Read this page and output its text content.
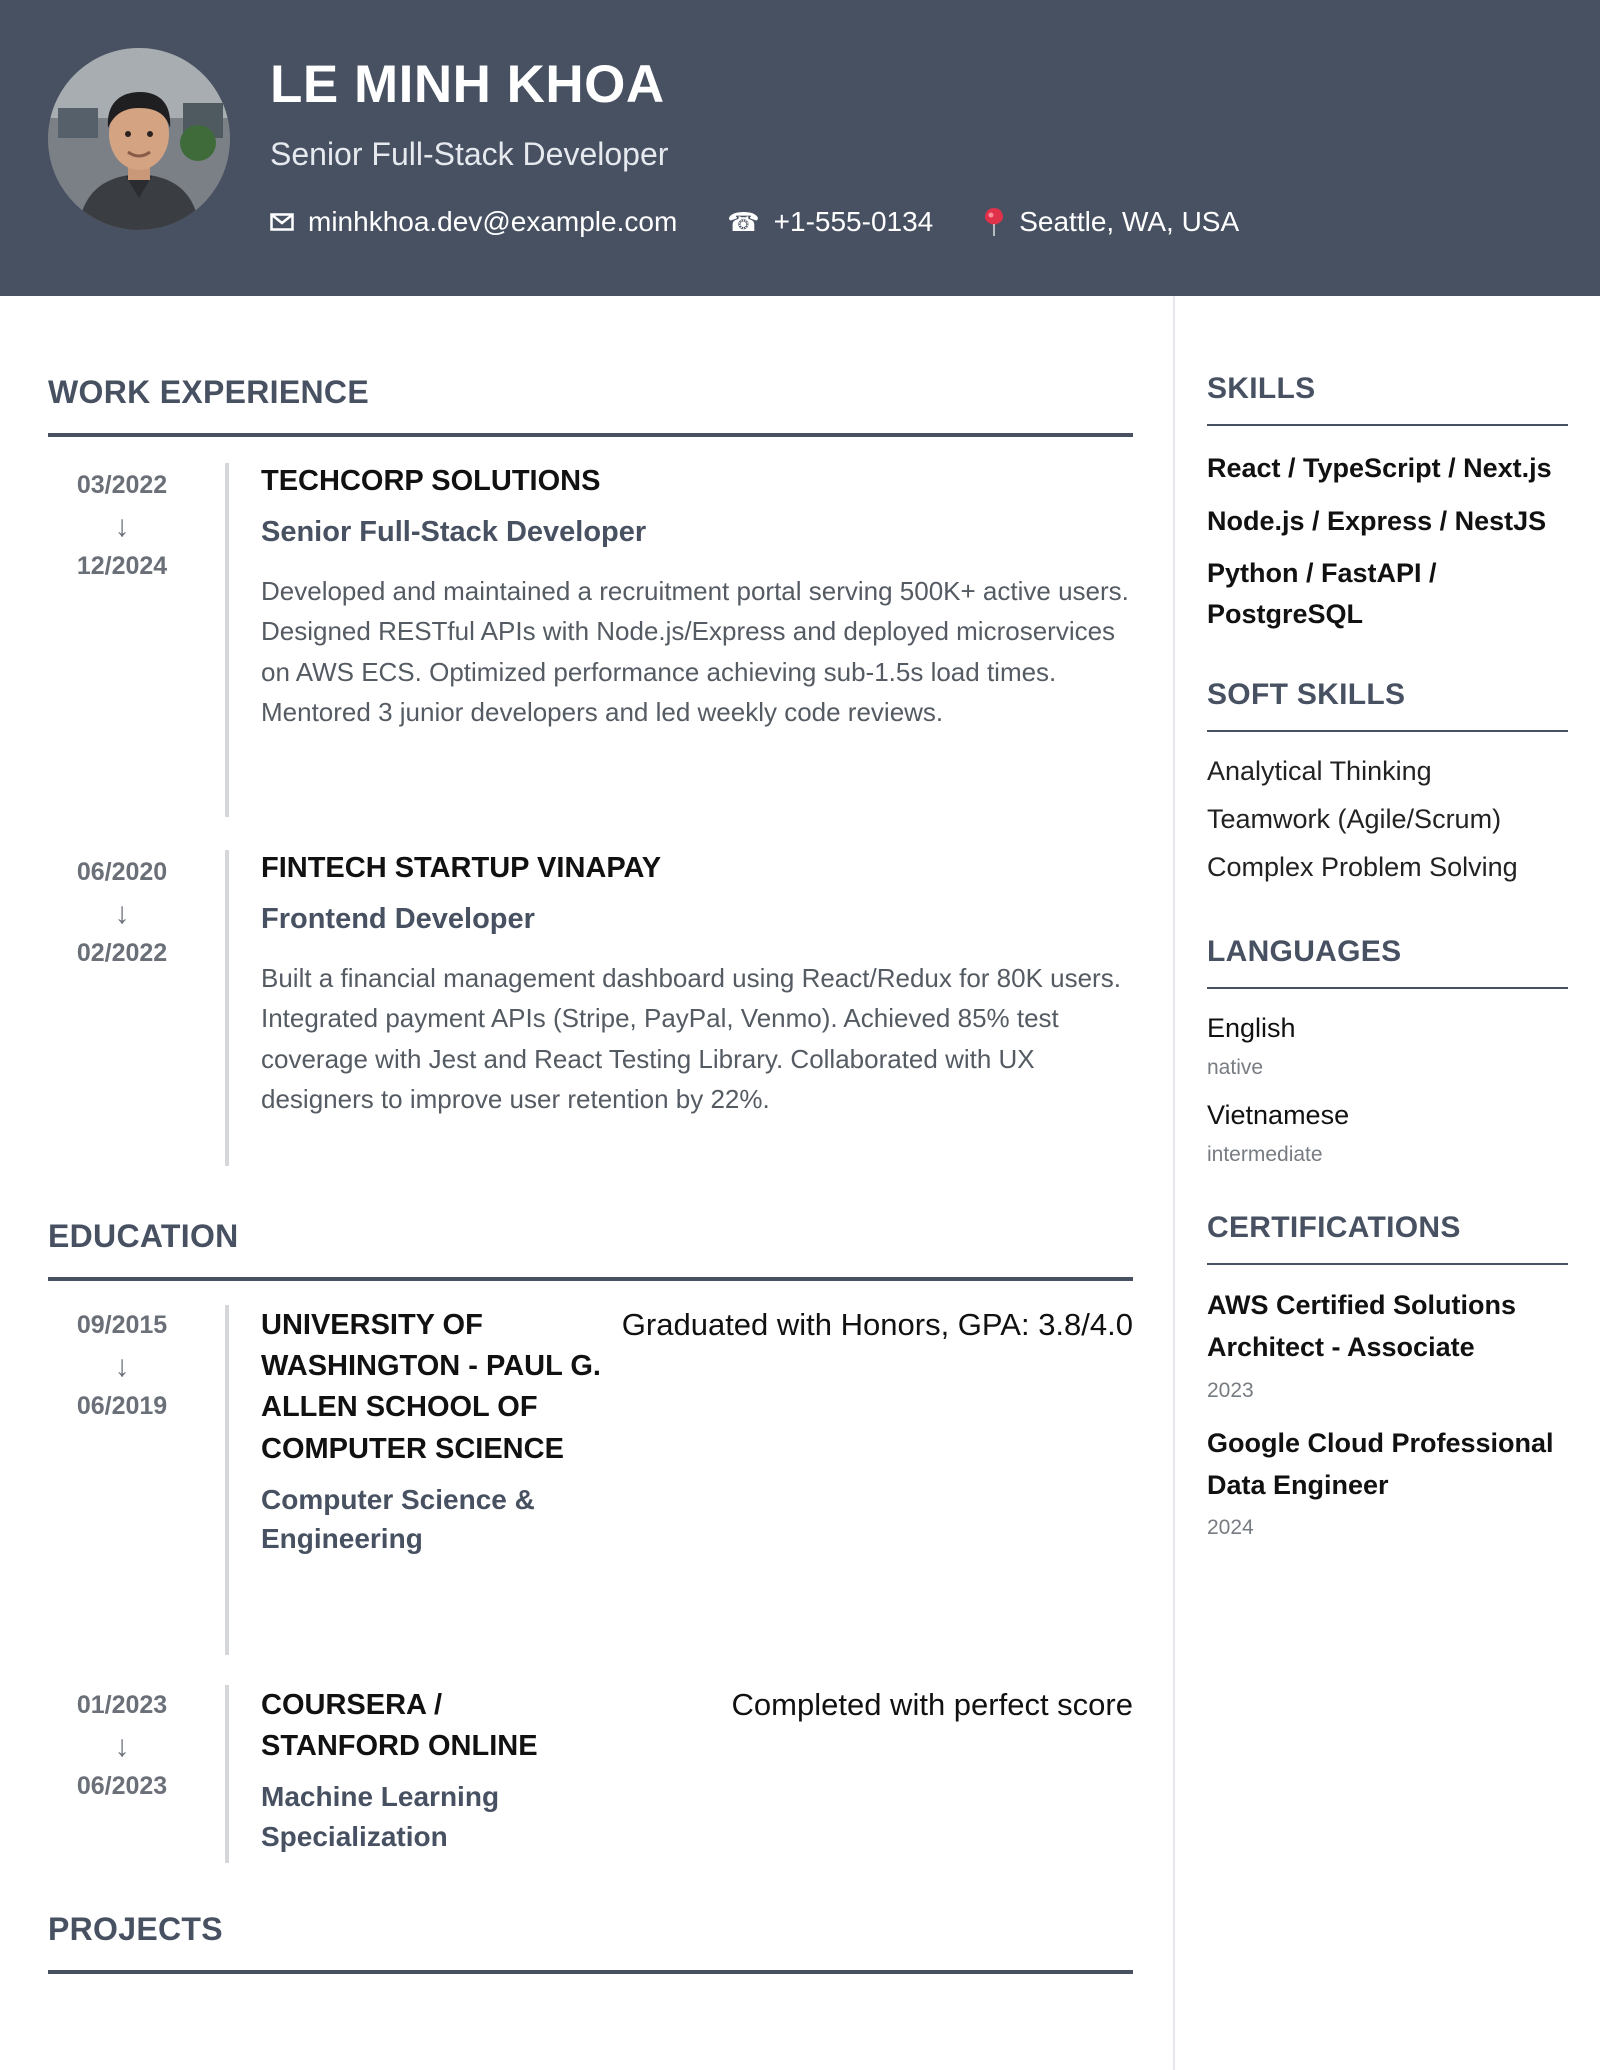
LE MINH KHOA
Senior Full-Stack Developer
minhkhoa.dev@example.com ☎ +1-555-0134	Seattle, WA, USA
WORK EXPERIENCE
03/2022
↓
12/2024
TECHCORP SOLUTIONS
Senior Full-Stack Developer
Developed and maintained a recruitment portal serving 500K+ active users. Designed RESTful APIs with Node.js/Express and deployed microservices on AWS ECS. Optimized performance achieving sub-1.5s load times. Mentored 3 junior developers and led weekly code reviews.
06/2020
↓
02/2022
FINTECH STARTUP VINAPAY
Frontend Developer
Built a financial management dashboard using React/Redux for 80K users. Integrated payment APIs (Stripe, PayPal, Venmo). Achieved 85% test coverage with Jest and React Testing Library. Collaborated with UX designers to improve user retention by 22%.
EDUCATION
09/2015
↓
06/2019
UNIVERSITY OF WASHINGTON - PAUL G. ALLEN SCHOOL OF COMPUTER SCIENCE
Computer Science & Engineering
Graduated with Honors, GPA: 3.8/4.0
01/2023
↓
06/2023
COURSERA / STANFORD ONLINE
Machine Learning Specialization
Completed with perfect score
PROJECTS
SKILLS
React / TypeScript / Next.js
Node.js / Express / NestJS
Python / FastAPI / PostgreSQL
SOFT SKILLS
Analytical Thinking
Teamwork (Agile/Scrum)
Complex Problem Solving
LANGUAGES
English
native
Vietnamese
intermediate
CERTIFICATIONS
AWS Certified Solutions Architect - Associate
2023
Google Cloud Professional Data Engineer
2024
